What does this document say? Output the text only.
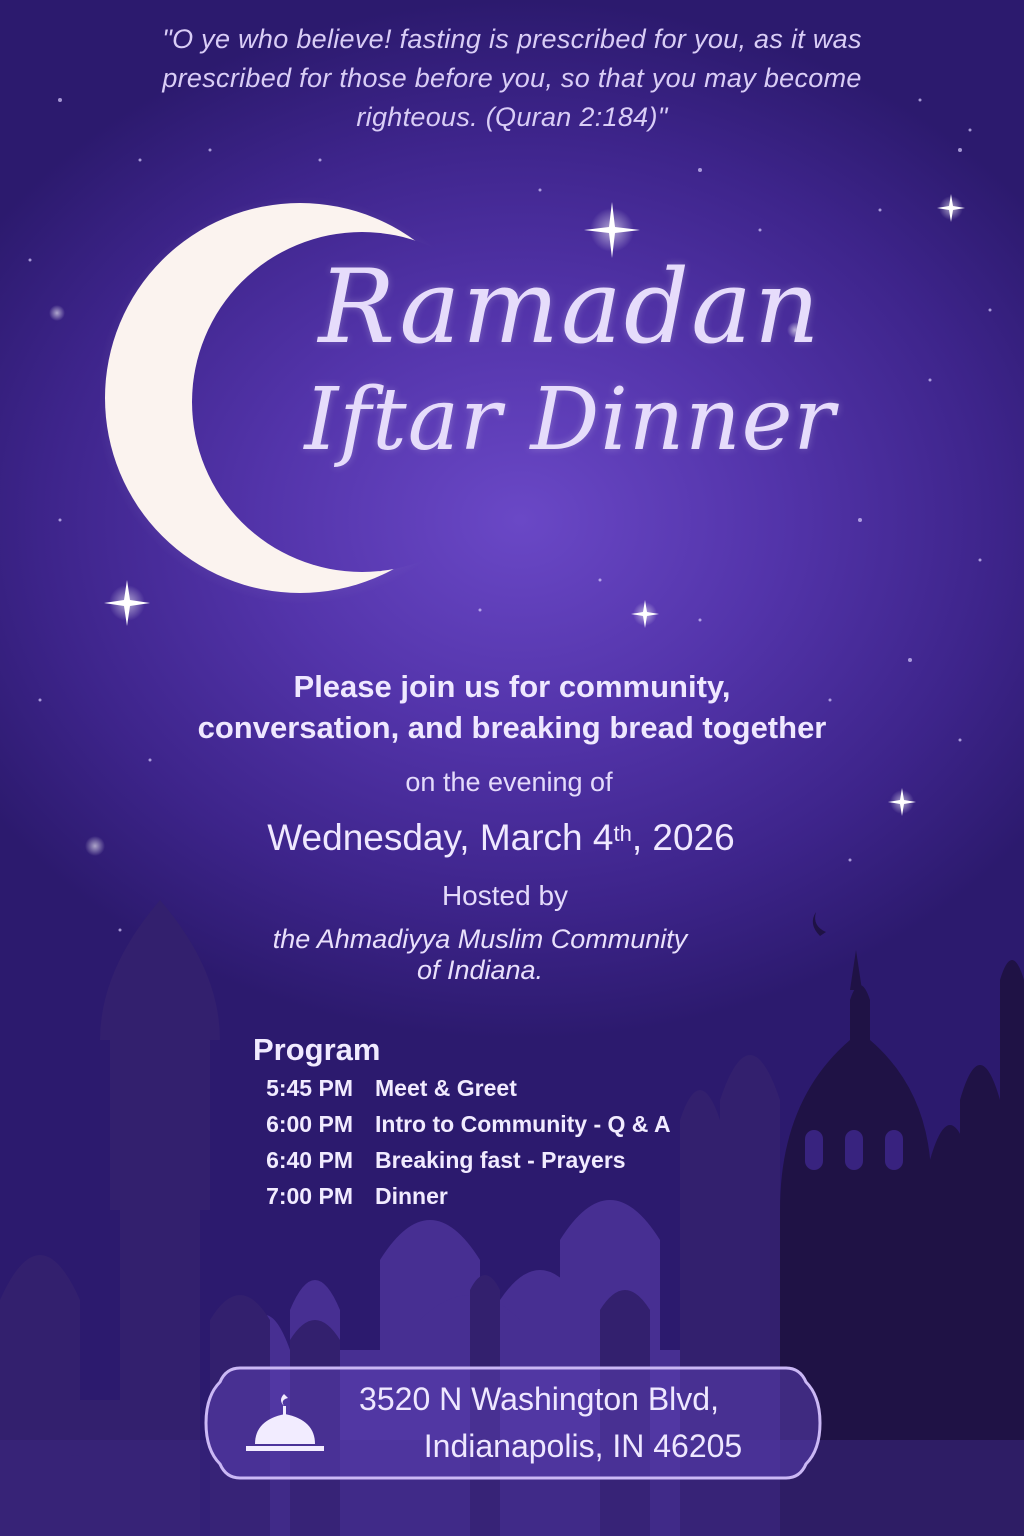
"O ye who believe! fasting is prescribed for you, as it was prescribed for those before you, so that you may become righteous. (Quran 2:184)"
Ramadan
Iftar Dinner
Please join us for community,
conversation, and breaking bread together
on the evening of
Wednesday, March 4th, 2026
Hosted by
the Ahmadiyya Muslim Community
of Indiana.
Program
5:45 PM Meet & Greet
6:00 PM Intro to Community - Q & A
6:40 PM Breaking fast - Prayers
7:00 PM Dinner
3520 N Washington Blvd,
Indianapolis, IN 46205
